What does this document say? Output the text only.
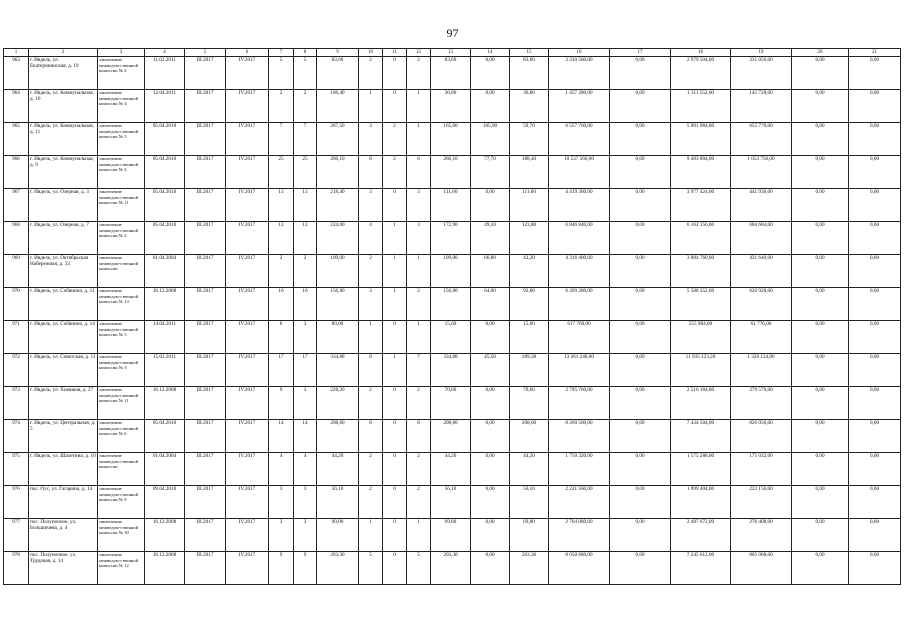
97
1	2	3	4	5	6	7	8	9	10	11	12	13	14	15	16	17	18	19	20	21
963	г. Ивдель, ул. Екатерининская, д. 19	заключение межведом-ственной комиссии № 2	11.02.2011	III.2017	IV.2017	5	5	83,60	2	0	2	83,60	0,00	83,60	3 310 560,00	0,00	2 979 504,00	331 056,00	0,00	0,00
964	г. Ивдель, ул. Коммунальная, д. 10	заключение межведом-ственной комиссии № 4	12.04.2011	III.2017	IV.2017	2	2	186,40	1	0	1	36,80	0,00	36,80	1 457 280,00	0,00	1 311 552,00	145 728,00	0,00	0,00
965	г. Ивдель, ул. Коммунальная, д. 11	заключение межведом-ственной комиссии № 5	05.04.2010	III.2017	IV.2017	7	7	267,50	3	2	1	165,60	105,90	59,70	6 557 760,00	0,00	5 901 984,00	655 776,00	0,00	0,00
966	г. Ивдель, ул. Коммунальная, д. 9	заключение межведом-ственной комиссии № 4	05.04.2010	III.2017	IV.2017	25	25	266,10	8	2	6	266,10	77,70	188,40	10 537 560,00	0,00	9 483 804,00	1 053 756,00	0,00	0,00
967	г. Ивдель, ул. Озерная, д. 3	заключение межведом-ственной комиссии № 11	05.04.2010	III.2017	IV.2017	13	13	218,40	3	0	3	111,60	0,00	111,60	4 419 360,00	0,00	3 977 424,00	441 936,00	0,00	0,00
968	г. Ивдель, ул. Озерная, д. 7	заключение межведом-ственной комиссии № 2	05.04.2010	III.2017	IV.2017	13	13	224,00	4	1	3	172,90	49,10	123,80	6 846 840,00	0,00	6 162 156,00	684 684,00	0,00	0,00
969	г. Ивдель, ул. Октябрьская Набережная, д. 33	заключение межведом-ственной комиссии	01.04.2004	III.2017	IV.2017	2	2	109,00	2	1	1	109,00	66,80	42,20	4 316 400,00	0,00	3 884 760,00	431 640,00	0,00	0,00
970	г. Ивдель, ул. Собянина, д. 11	заключение межведом-ственной комиссии № 13	16.12.2008	III.2017	IV.2017	10	10	156,80	3	1	2	156,80	64,00	92,80	6 209 280,00	0,00	5 588 352,00	620 928,00	0,00	0,00
971	г. Ивдель, ул. Собянина, д. 14	заключение межведом-ственной комиссии № 5	14.04.2011	III.2017	IV.2017	6	3	80,00	1	0	1	15,60	0,00	15,60	617 760,00	0,00	555 984,00	61 776,00	0,00	0,00
972	г. Ивдель, ул. Советская, д. 11	заключение межведом-ственной комиссии № 3	15.02.2011	III.2017	IV.2017	17	17	334,88	8	1	7	334,88	45,50	289,38	13 261 248,00	0,00	11 935 123,20	1 326 124,80	0,00	0,00
973	г. Ивдель, ул. Химиков, д. 27	заключение межведом-ственной комиссии № 11	16.12.2008	III.2017	IV.2017	9	3	228,20	2	0	2	70,60	0,00	70,60	2 795 760,00	0,00	2 516 184,00	279 576,00	0,00	0,00
974	г. Ивдель, ул. Центральная, д. 5	заключение межведом-ственной комиссии № 6	05.04.2010	III.2017	IV.2017	14	14	208,60	8	0	8	208,60	0,00	208,60	8 260 560,00	0,00	7 434 504,00	826 056,00	0,00	0,00
975	г. Ивдель, ул. Шахетина, д. 10	заключение межведом-ственной комиссии	01.04.2004	III.2017	IV.2017	4	4	44,20	2	0	2	44,20	0,00	44,20	1 750 320,00	0,00	1 575 288,00	175 032,00	0,00	0,00
976	пос. Оус, ул. Гагарина, д. 14	заключение межведом-ственной комиссии № 9	09.04.2010	III.2017	IV.2017	3	3	56,10	2	0	2	56,10	0,00	56,10	2 221 560,00	0,00	1 999 404,00	222 156,00	0,00	0,00
977	пос. Полуночное, ул. Большичева, д. 4	заключение межведом-ственной комиссии № 30	16.12.2008	III.2017	IV.2017	3	3	90,00	1	0	1	69,80	0,00	69,80	2 764 080,00	0,00	2 487 672,00	276 408,00	0,00	0,00
978	пос. Полуночное, ул. Трудовая, д. 14	заключение межведом-ственной комиссии № 12	16.12.2008	III.2017	IV.2017	9	9	203,30	5	0	5	203,30	0,00	203,30	8 050 680,00	0,00	7 245 612,00	805 068,00	0,00	0,00
